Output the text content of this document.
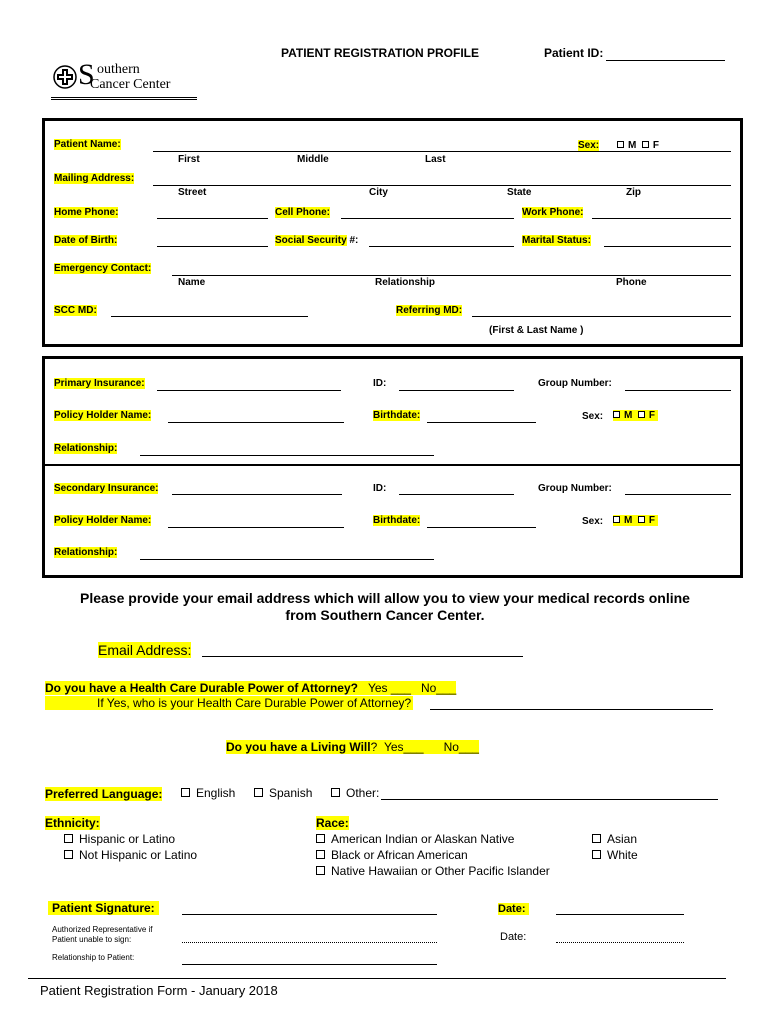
PATIENT REGISTRATION PROFILE	Patient ID:
S outhern
Cancer Center
Patient Name:	Sex:	M F
First	Middle	Last
Mailing Address:
Street	City	State	Zip
Home Phone:	Cell Phone:	Work Phone:
Date of Birth:	Social Security #:	Marital Status:
Emergency Contact:
Name	Relationship	Phone
SCC MD:	Referring MD:
(First & Last Name )
Primary Insurance:	ID:	Group Number:
Policy Holder Name:	Birthdate:	Sex:	M F
Relationship:
Secondary Insurance:	ID:	Group Number:
Policy Holder Name:	Birthdate:	Sex:	M F
Relationship:
Please provide your email address which will allow you to view your medical records online
from Southern Cancer Center.
Email Address:
Do you have a Health Care Durable Power of Attorney? Yes ___ No___
If Yes, who is your Health Care Durable Power of Attorney?
Do you have a Living Will? Yes___ No___
Preferred Language:	English	Spanish	Other:
Ethnicity:
Hispanic or Latino
Not Hispanic or Latino
Race:
American Indian or Alaskan Native
Black or African American
Native Hawaiian or Other Pacific Islander
Asian
White
Patient Signature:	Date:
Authorized Representative if
Patient unable to sign:	Date:
Relationship to Patient:
Patient Registration Form - January 2018
